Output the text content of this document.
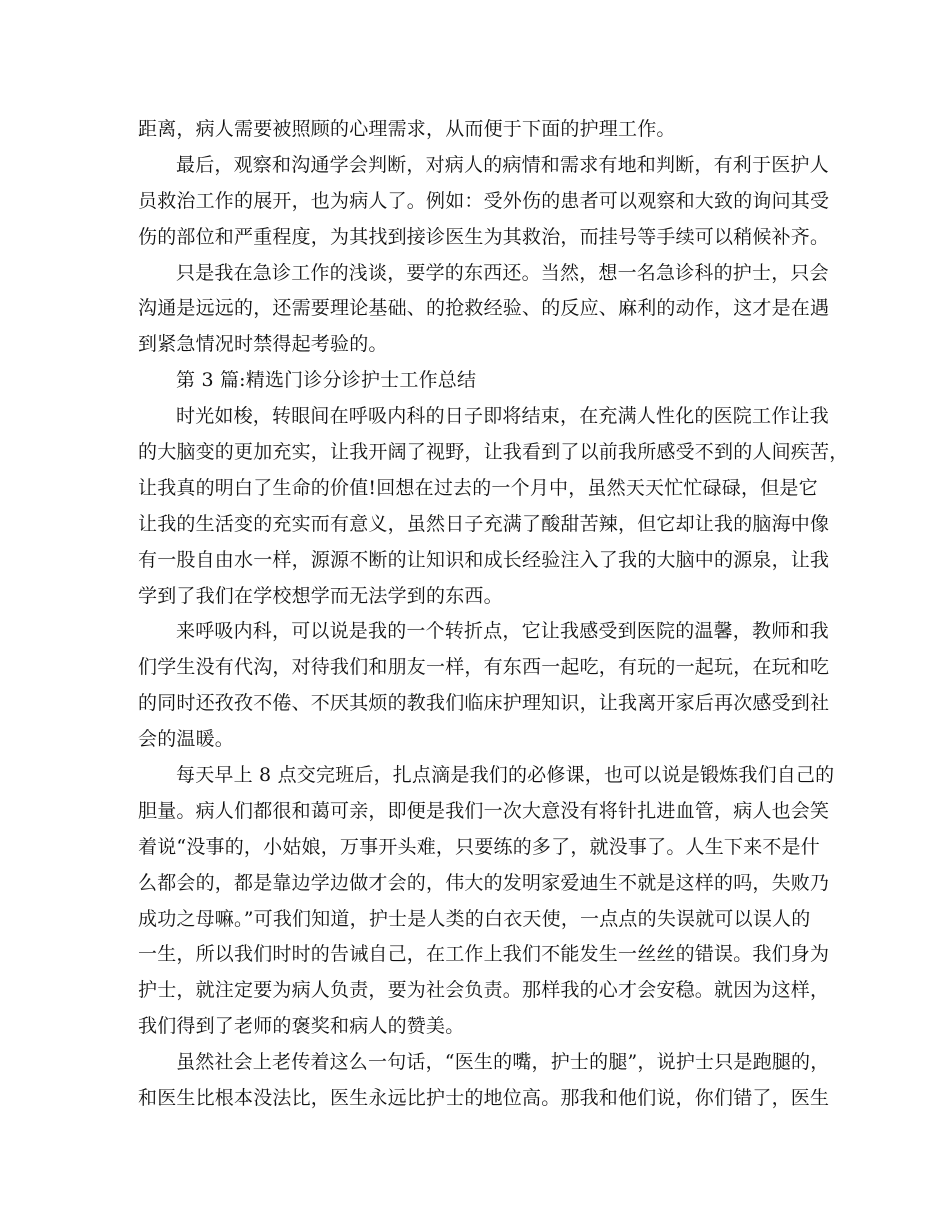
距离，病人需要被照顾的心理需求，从而便于下面的护理工作。
最后，观察和沟通学会判断，对病人的病情和需求有地和判断，有利于医护人
员救治工作的展开，也为病人了。例如：受外伤的患者可以观察和大致的询问其受
伤的部位和严重程度，为其找到接诊医生为其救治，而挂号等手续可以稍候补齐。
只是我在急诊工作的浅谈，要学的东西还。当然，想一名急诊科的护士，只会
沟通是远远的，还需要理论基础、的抢救经验、的反应、麻利的动作，这才是在遇
到紧急情况时禁得起考验的。
第 3 篇:精选门诊分诊护士工作总结
时光如梭，转眼间在呼吸内科的日子即将结束，在充满人性化的医院工作让我
的大脑变的更加充实，让我开阔了视野，让我看到了以前我所感受不到的人间疾苦，
让我真的明白了生命的价值!回想在过去的一个月中，虽然天天忙忙碌碌，但是它
让我的生活变的充实而有意义，虽然日子充满了酸甜苦辣，但它却让我的脑海中像
有一股自由水一样，源源不断的让知识和成长经验注入了我的大脑中的源泉，让我
学到了我们在学校想学而无法学到的东西。
来呼吸内科，可以说是我的一个转折点，它让我感受到医院的温馨，教师和我
们学生没有代沟，对待我们和朋友一样，有东西一起吃，有玩的一起玩，在玩和吃
的同时还孜孜不倦、不厌其烦的教我们临床护理知识，让我离开家后再次感受到社
会的温暖。
每天早上 8 点交完班后，扎点滴是我们的必修课，也可以说是锻炼我们自己的
胆量。病人们都很和蔼可亲，即便是我们一次大意没有将针扎进血管，病人也会笑
着说“没事的，小姑娘，万事开头难，只要练的多了，就没事了。人生下来不是什
么都会的，都是靠边学边做才会的，伟大的发明家爱迪生不就是这样的吗，失败乃
成功之母嘛。”可我们知道，护士是人类的白衣天使，一点点的失误就可以误人的
一生，所以我们时时的告诫自己，在工作上我们不能发生一丝丝的错误。我们身为
护士，就注定要为病人负责，要为社会负责。那样我的心才会安稳。就因为这样，
我们得到了老师的褒奖和病人的赞美。
虽然社会上老传着这么一句话，“医生的嘴，护士的腿”，说护士只是跑腿的，
和医生比根本没法比，医生永远比护士的地位高。那我和他们说，你们错了，医生
